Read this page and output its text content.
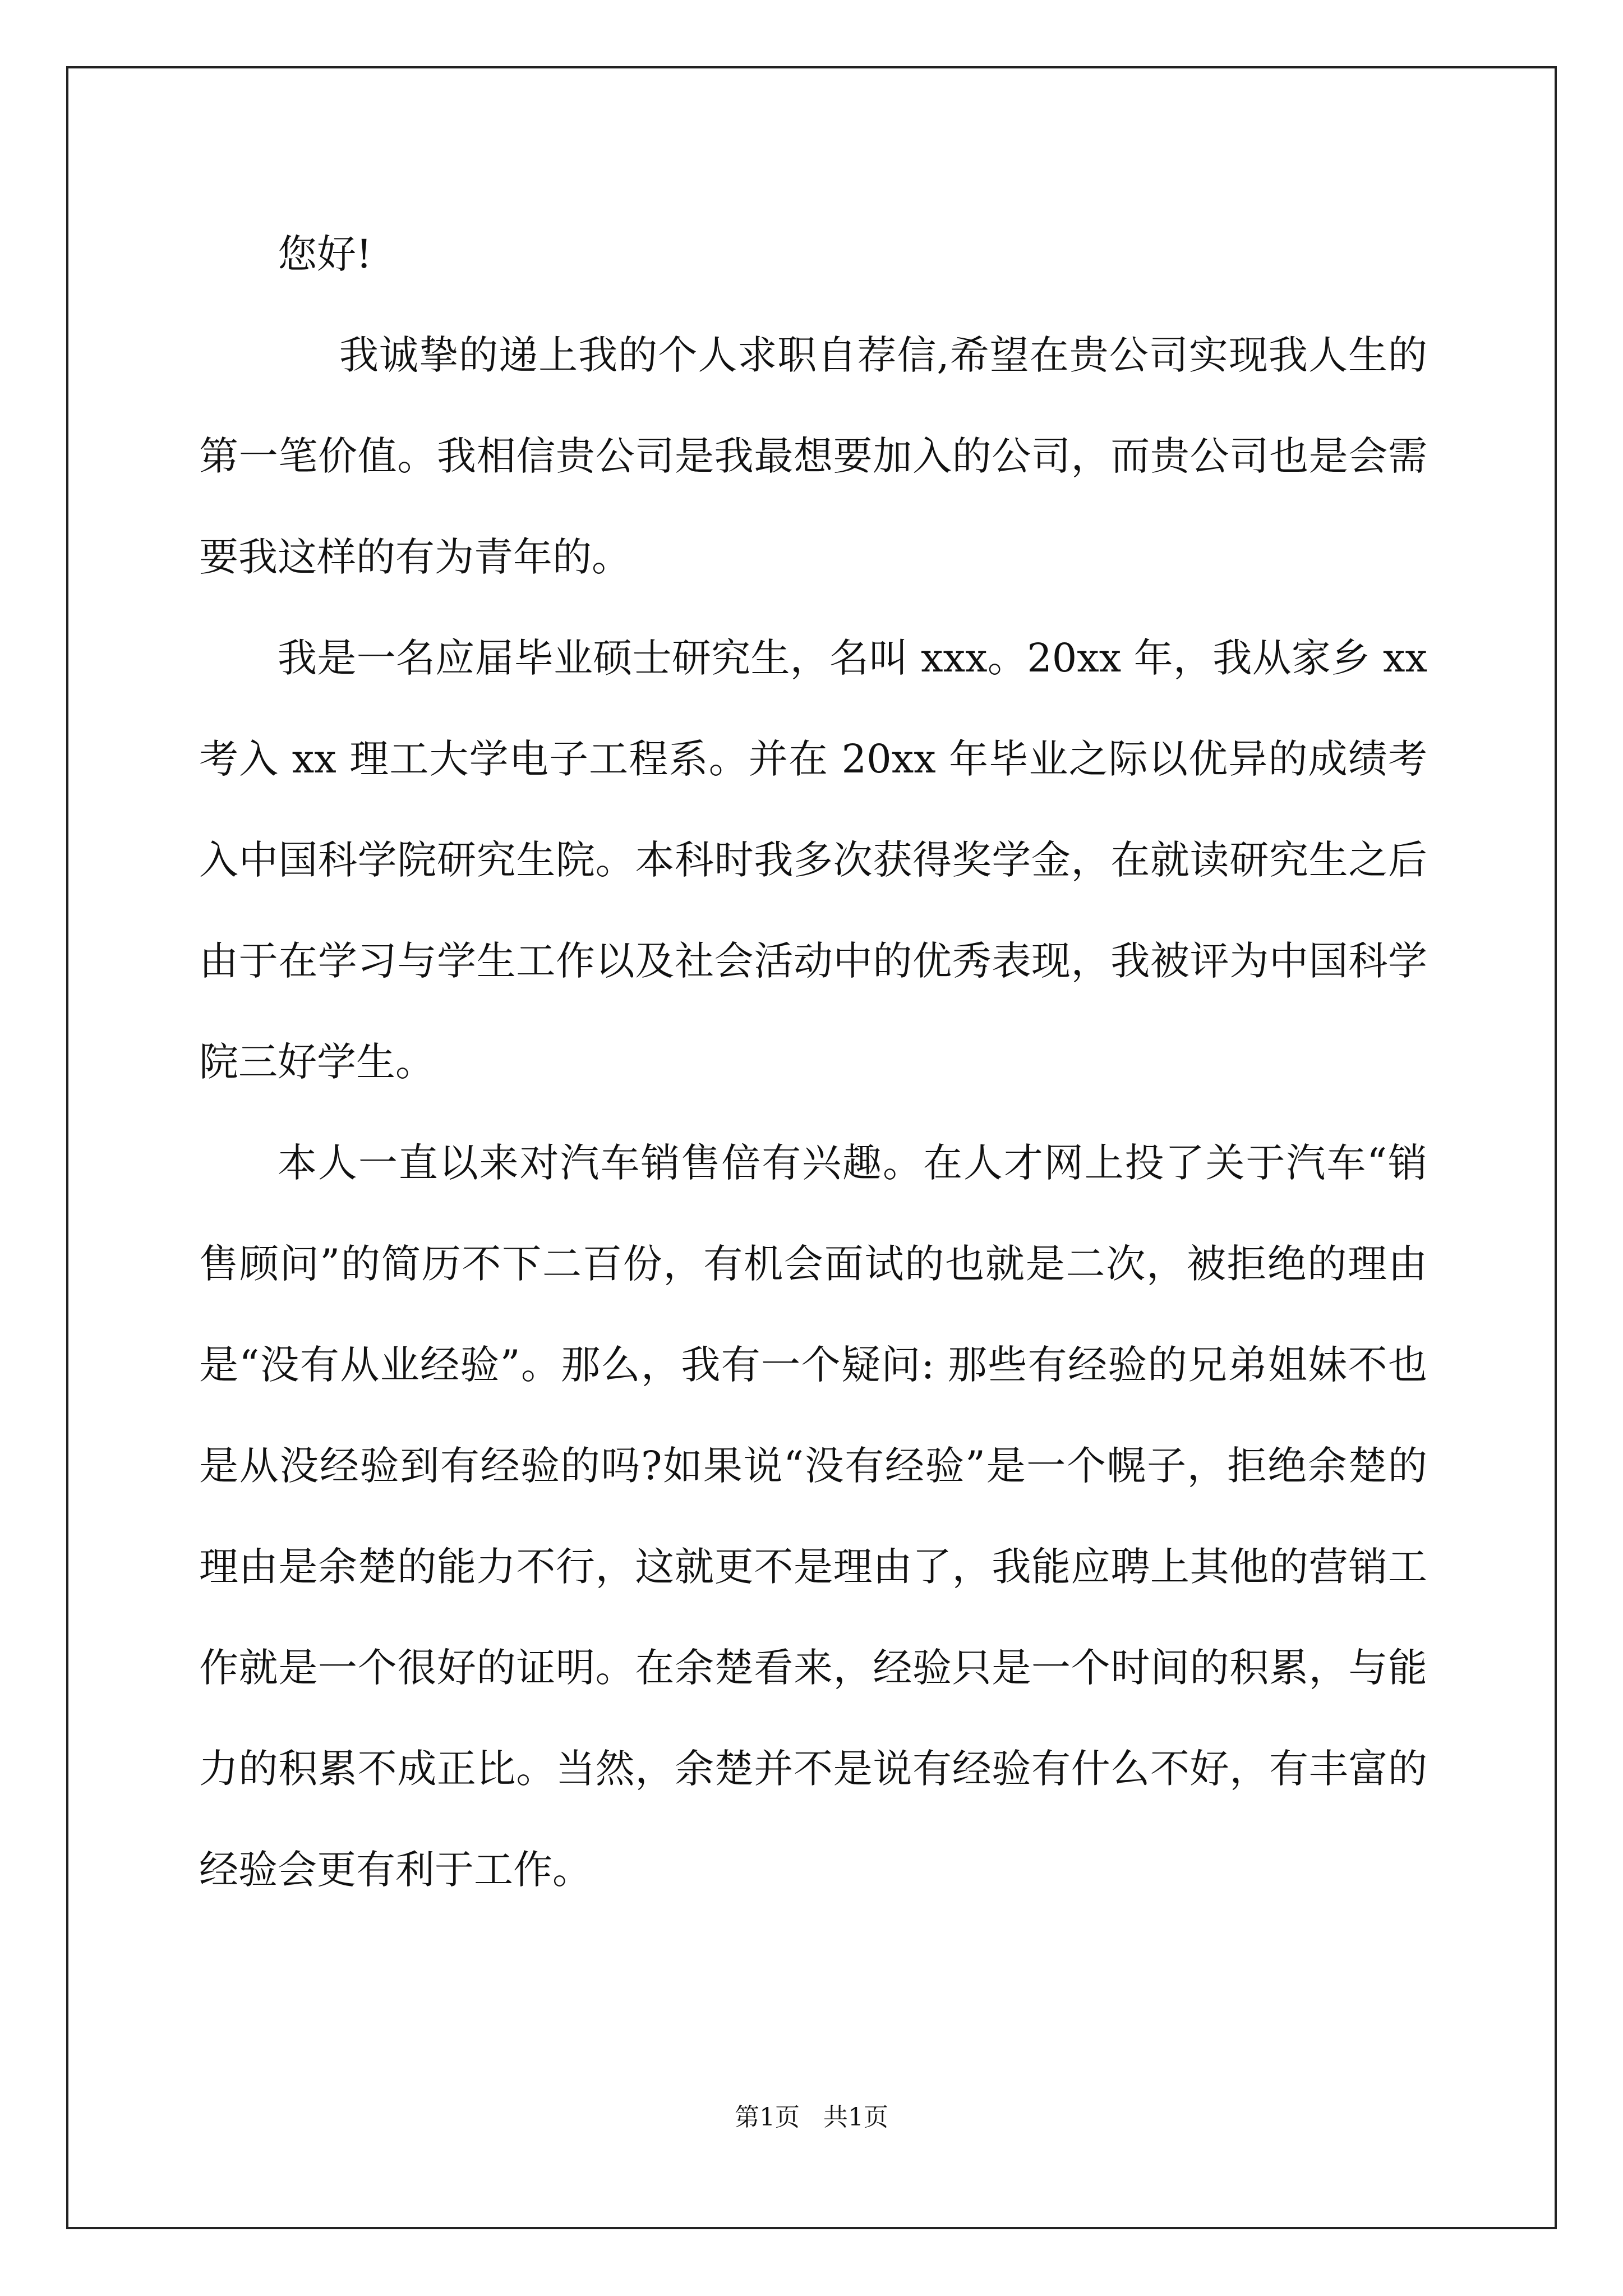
您好!

我诚挚的递上我的个人求职自荐信,希望在贵公司实现我人生的第一笔价值。我相信贵公司是我最想要加入的公司，而贵公司也是会需要我这样的有为青年的。

我是一名应届毕业硕士研究生，名叫 xxx。20xx 年，我从家乡 xx 考入 xx 理工大学电子工程系。并在 20xx 年毕业之际以优异的成绩考入中国科学院研究生院。本科时我多次获得奖学金，在就读研究生之后由于在学习与学生工作以及社会活动中的优秀表现，我被评为中国科学院三好学生。

本人一直以来对汽车销售倍有兴趣。在人才网上投了关于汽车“销售顾问”的简历不下二百份，有机会面试的也就是二次，被拒绝的理由是“没有从业经验”。那么，我有一个疑问: 那些有经验的兄弟姐妹不也是从没经验到有经验的吗?如果说“没有经验”是一个幌子，拒绝余楚的理由是余楚的能力不行，这就更不是理由了，我能应聘上其他的营销工作就是一个很好的证明。在余楚看来，经验只是一个时间的积累，与能力的积累不成正比。当然，余楚并不是说有经验有什么不好，有丰富的经验会更有利于工作。

第1页   共1页
